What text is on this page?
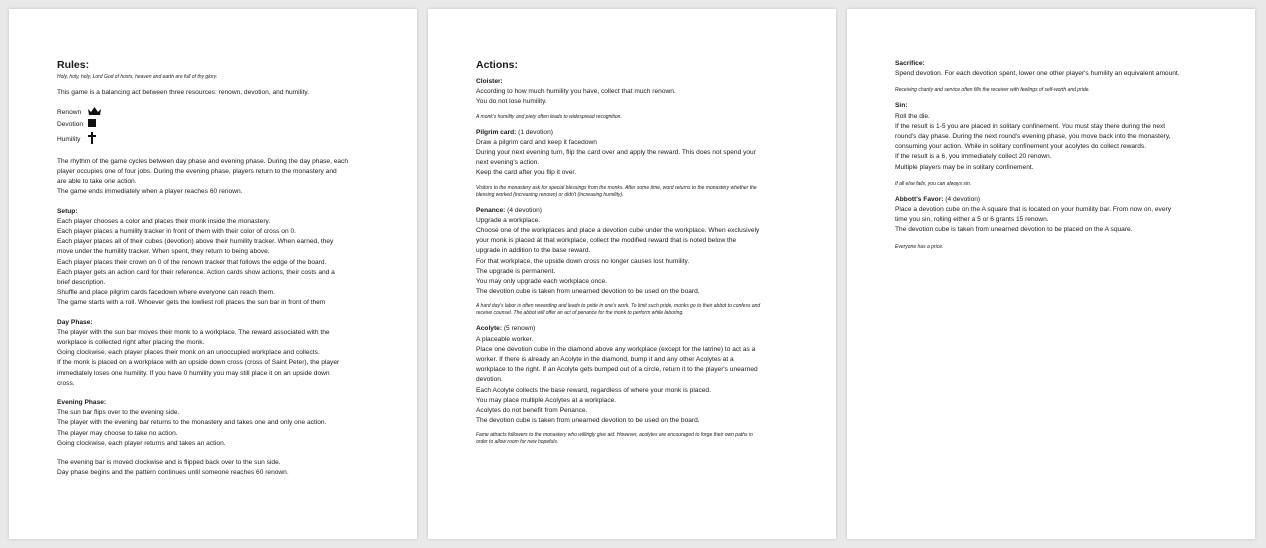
Rules:
Holy, holy, holy, Lord God of hosts, heaven and earth are full of thy glory.
This game is a balancing act between three resources: renown, devotion, and humility.
Renown
Devotion
Humility
The rhythm of the game cycles between day phase and evening phase. During the day phase, each
player occupies one of four jobs. During the evening phase, players return to the monastery and
are able to take one action.
The game ends immediately when a player reaches 60 renown.
Setup:
Each player chooses a color and places their monk inside the monastery.
Each player places a humility tracker in front of them with their color of cross on 0.
Each player places all of their cubes (devotion) above their humility tracker. When earned, they
move under the humility tracker. When spent, they return to being above.
Each player places their crown on 0 of the renown tracker that follows the edge of the board.
Each player gets an action card for their reference. Action cards show actions, their costs and a
brief description.
Shuffle and place pilgrim cards facedown where everyone can reach them.
The game starts with a roll. Whoever gets the lowliest roll places the sun bar in front of them
Day Phase:
The player with the sun bar moves their monk to a workplace. The reward associated with the
workplace is collected right after placing the monk.
Going clockwise, each player places their monk on an unoccupied workplace and collects.
If the monk is placed on a workplace with an upside down cross (cross of Saint Peter), the player
immediately loses one humility. If you have 0 humility you may still place it on an upside down
cross.
Evening Phase:
The sun bar flips over to the evening side.
The player with the evening bar returns to the monastery and takes one and only one action.
The player may choose to take no action.
Going clockwise, each player returns and takes an action.
The evening bar is moved clockwise and is flipped back over to the sun side.
Day phase begins and the pattern continues until someone reaches 60 renown.
Actions:
Cloister:
According to how much humility you have, collect that much renown.
You do not lose humility.
A monk's humility and piety often leads to widespread recognition.
Pilgrim card: (1 devotion)
Draw a pilgrim card and keep it facedown
During your next evening turn, flip the card over and apply the reward. This does not spend your
next evening's action.
Keep the card after you flip it over.
Visitors to the monastery ask for special blessings from the monks. After some time, word returns to the monastery whether the
blessing worked (increasing renown) or didn't (increasing humility).
Penance: (4 devotion)
Upgrade a workplace.
Choose one of the workplaces and place a devotion cube under the workplace. When exclusively
your monk is placed at that workplace, collect the modified reward that is noted below the
upgrade in addition to the base reward.
For that workplace, the upside down cross no longer causes lost humility.
The upgrade is permanent.
You may only upgrade each workplace once.
The devotion cube is taken from unearned devotion to be used on the board.
A hard day's labor is often rewarding and leads to pride in one's work. To limit such pride, monks go to their abbot to confess and
receive counsel. The abbot will offer an act of penance for the monk to perform while laboring.
Acolyte: (5 renown)
A placeable worker.
Place one devotion cube in the diamond above any workplace (except for the latrine) to act as a
worker. If there is already an Acolyte in the diamond, bump it and any other Acolytes at a
workplace to the right. If an Acolyte gets bumped out of a circle, return it to the player's unearned
devotion.
Each Acolyte collects the base reward, regardless of where your monk is placed.
You may place multiple Acolytes at a workplace.
Acolytes do not benefit from Penance.
The devotion cube is taken from unearned devotion to be used on the board.
Fame attracts followers to the monastery who willingly give aid. However, acolytes are encouraged to forge their own paths in
order to allow room for new hopefuls.
Sacrifice:
Spend devotion. For each devotion spent, lower one other player's humility an equivalent amount.
Receiving charity and service often fills the receiver with feelings of self-worth and pride.
Sin:
Roll the die.
If the result is 1-5 you are placed in solitary confinement. You must stay there during the next
round's day phase. During the next round's evening phase, you move back into the monastery,
consuming your action. While in solitary confinement your acolytes do collect rewards.
If the result is a 6, you immediately collect 20 renown.
Multiple players may be in solitary confinement.
If all else fails, you can always sin.
Abbott's Favor: (4 devotion)
Place a devotion cube on the A square that is located on your humility bar. From now on, every
time you sin, rolling either a 5 or 6 grants 15 renown.
The devotion cube is taken from unearned devotion to be placed on the A square.
Everyone has a price.
